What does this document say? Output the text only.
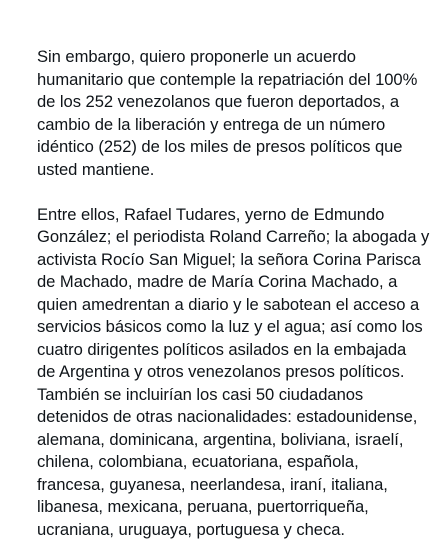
Sin embargo, quiero proponerle un acuerdo
humanitario que contemple la repatriación del 100%
de los 252 venezolanos que fueron deportados, a
cambio de la liberación y entrega de un número
idéntico (252) de los miles de presos políticos que
usted mantiene.

Entre ellos, Rafael Tudares, yerno de Edmundo
González; el periodista Roland Carreño; la abogada y
activista Rocío San Miguel; la señora Corina Parisca
de Machado, madre de María Corina Machado, a
quien amedrentan a diario y le sabotean el acceso a
servicios básicos como la luz y el agua; así como los
cuatro dirigentes políticos asilados en la embajada
de Argentina y otros venezolanos presos políticos.
También se incluirían los casi 50 ciudadanos
detenidos de otras nacionalidades: estadounidense,
alemana, dominicana, argentina, boliviana, israelí,
chilena, colombiana, ecuatoriana, española,
francesa, guyanesa, neerlandesa, iraní, italiana,
libanesa, mexicana, peruana, puertorriqueña,
ucraniana, uruguaya, portuguesa y checa.
